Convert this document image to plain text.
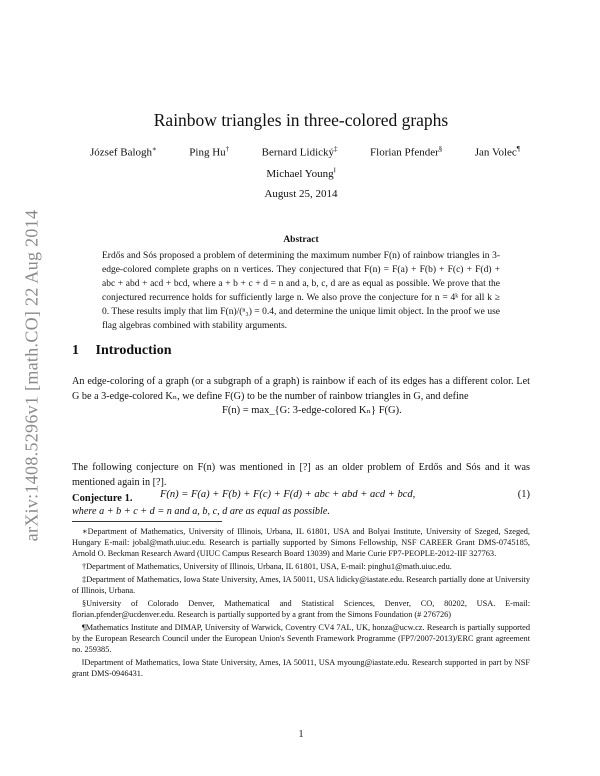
arXiv:1408.5296v1 [math.CO] 22 Aug 2014
Rainbow triangles in three-colored graphs
József Balogh∗	Ping Hu†	Bernard Lidický‡	Florian Pfender§	Jan Volec¶
Michael Young‖
August 25, 2014
Abstract
Erdős and Sós proposed a problem of determining the maximum number F(n) of rainbow triangles in 3-edge-colored complete graphs on n vertices. They conjectured that F(n) = F(a) + F(b) + F(c) + F(d) + abc + abd + acd + bcd, where a + b + c + d = n and a, b, c, d are as equal as possible. We prove that the conjectured recurrence holds for sufficiently large n. We also prove the conjecture for n = 4ᵏ for all k ≥ 0. These results imply that lim F(n)/(ⁿ₃) = 0.4, and determine the unique limit object. In the proof we use flag algebras combined with stability arguments.
1 Introduction
An edge-coloring of a graph (or a subgraph of a graph) is rainbow if each of its edges has a different color. Let G be a 3-edge-colored Kₙ, we define F(G) to be the number of rainbow triangles in G, and define
F(n) = max_{G: 3-edge-colored Kₙ} F(G).
The following conjecture on F(n) was mentioned in [?] as an older problem of Erdős and Sós and it was mentioned again in [?].
Conjecture 1.	F(n) = F(a) + F(b) + F(c) + F(d) + abc + abd + acd + bcd,	(1)
where a + b + c + d = n and a, b, c, d are as equal as possible.

∗Department of Mathematics, University of Illinois, Urbana, IL 61801, USA and Bolyai Institute, University of Szeged, Szeged, Hungary E-mail: jobal@math.uiuc.edu. Research is partially supported by Simons Fellowship, NSF CAREER Grant DMS-0745185, Arnold O. Beckman Research Award (UIUC Campus Research Board 13039) and Marie Curie FP7-PEOPLE-2012-IIF 327763.

†Department of Mathematics, University of Illinois, Urbana, IL 61801, USA, E-mail: pinghu1@math.uiuc.edu.

‡Department of Mathematics, Iowa State University, Ames, IA 50011, USA lidicky@iastate.edu. Research partially done at University of Illinois, Urbana.

§University of Colorado Denver, Mathematical and Statistical Sciences, Denver, CO, 80202, USA. E-mail: florian.pfender@ucdenver.edu. Research is partially supported by a grant from the Simons Foundation (# 276726)

¶Mathematics Institute and DIMAP, University of Warwick, Coventry CV4 7AL, UK, honza@ucw.cz. Research is partially supported by the European Research Council under the European Union's Seventh Framework Programme (FP7/2007-2013)/ERC grant agreement no. 259385.

‖Department of Mathematics, Iowa State University, Ames, IA 50011, USA myoung@iastate.edu. Research supported in part by NSF grant DMS-0946431.

1
